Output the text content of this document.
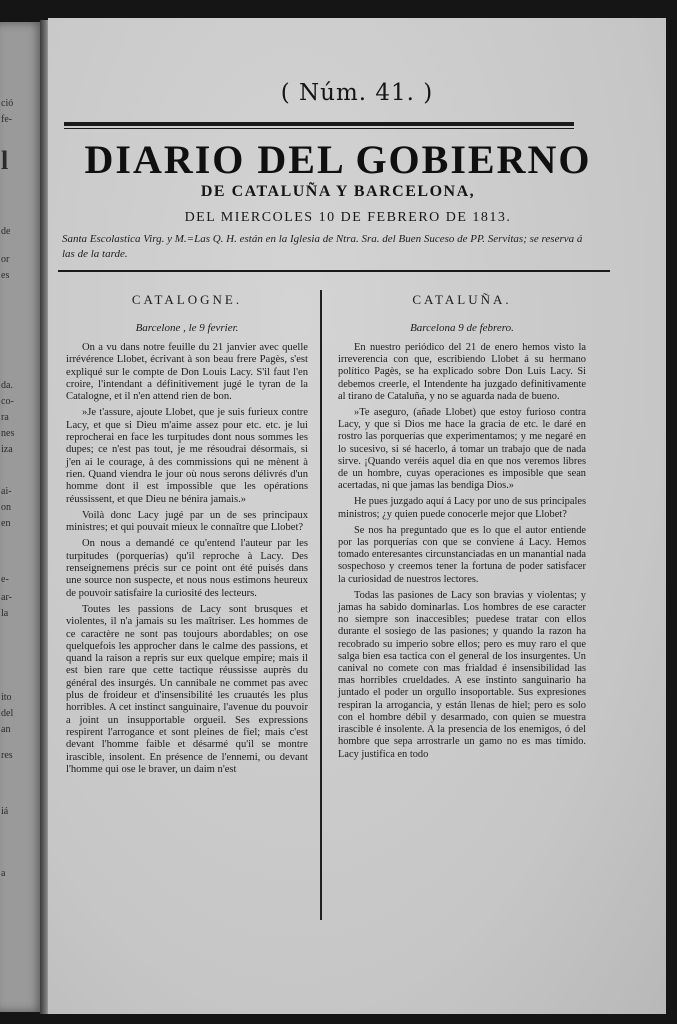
ció
fe-
l
de
or
es
da.
co-
ra
nes
iza
ai-
on
en
e-
ar-
la
ito
del
an
res
iá
a
( Núm. 41. )
DIARIO DEL GOBIERNO
DE CATALUÑA Y BARCELONA,
DEL MIERCOLES 10 DE FEBRERO DE 1813.
Santa Escolastica Virg. y M.=Las Q. H. están en la Iglesia de Ntra. Sra. del Buen Suceso de PP. Servitas; se reserva á las de la tarde.
CATALOGNE.
Barcelone , le 9 fevrier.

On a vu dans notre feuille du 21 janvier avec quelle irrévérence Llobet, écrivant à son beau frere Pagès, s'est expliqué sur le compte de Don Louis Lacy. S'il faut l'en croire, l'intendant a définitivement jugé le tyran de la Catalogne, et il n'en attend rien de bon.

»Je t'assure, ajoute Llobet, que je suis furieux contre Lacy, et que si Dieu m'aime assez pour etc. etc. je lui reprocherai en face les turpitudes dont nous sommes les dupes; ce n'est pas tout, je me résoudrai désormais, si j'en ai le courage, à des commissions qui ne mènent à rien. Quand viendra le jour où nous serons délivrés d'un homme dont il est impossible que les opérations réussissent, et que Dieu ne bénira jamais.»

Voilà donc Lacy jugé par un de ses principaux ministres; et qui pouvait mieux le connaître que Llobet?

On nous a demandé ce qu'entend l'auteur par les turpitudes (porquerías) qu'il reproche à Lacy. Des renseignemens précis sur ce point ont été puisés dans une source non suspecte, et nous nous estimons heureux de pouvoir satisfaire la curiosité des lecteurs.

Toutes les passions de Lacy sont brusques et violentes, il n'a jamais su les maîtriser. Les hommes de ce caractère ne sont pas toujours abordables; on ose quelquefois les approcher dans le calme des passions, et quand la raison a repris sur eux quelque empire; mais il est bien rare que cette tactique réussisse auprès du général des insurgés. Un cannibale ne commet pas avec plus de froideur et d'insensibilité les cruautés les plus horribles. A cet instinct sanguinaire, l'avenue du pouvoir a joint un insupportable orgueil. Ses expressions respirent l'arrogance et sont pleines de fiel; mais c'est devant l'homme faible et désarmé qu'il se montre irascible, insolent. En présence de l'ennemi, ou devant l'homme qui ose le braver, un daim n'est

CATALUÑA.
Barcelona 9 de febrero.

En nuestro periódico del 21 de enero hemos visto la irreverencia con que, escribiendo Llobet á su hermano político Pagès, se ha explicado sobre Don Luis Lacy. Si debemos creerle, el Intendente ha juzgado definitivamente al tirano de Cataluña, y no se aguarda nada de bueno.

»Te aseguro, (añade Llobet) que estoy furioso contra Lacy, y que si Dios me hace la gracia de etc. le daré en rostro las porquerías que experimentamos; y me negaré en lo sucesivo, si sé hacerlo, á tomar un trabajo que de nada sirve. ¡Quando veréis aquel dia en que nos veremos libres de un hombre, cuyas operaciones es imposible que sean acertadas, ni que jamas las bendiga Dios.»

He pues juzgado aquí á Lacy por uno de sus principales ministros; ¿y quien puede conocerle mejor que Llobet?

Se nos ha preguntado que es lo que el autor entiende por las porquerías con que se conviene á Lacy. Hemos tomado enteresantes circunstanciadas en un manantial nada sospechoso y creemos tener la fortuna de poder satisfacer la curiosidad de nuestros lectores.

Todas las pasiones de Lacy son bravias y violentas; y jamas ha sabido dominarlas. Los hombres de ese caracter no siempre son inaccesibles; puedese tratar con ellos durante el sosiego de las pasiones; y quando la razon ha recobrado su imperio sobre ellos; pero es muy raro el que salga bien esa tactica con el general de los insurgentes. Un canival no comete con mas frialdad é insensibilidad las mas horribles crueldades. A ese instinto sanguinario ha juntado el poder un orgullo insoportable. Sus expresiones respiran la arrogancia, y están llenas de hiel; pero es solo con el hombre débil y desarmado, con quien se muestra irascible é insolente. A la presencia de los enemigos, ó del hombre que sepa arrostrarle un gamo no es mas tímido. Lacy justifica en todo
